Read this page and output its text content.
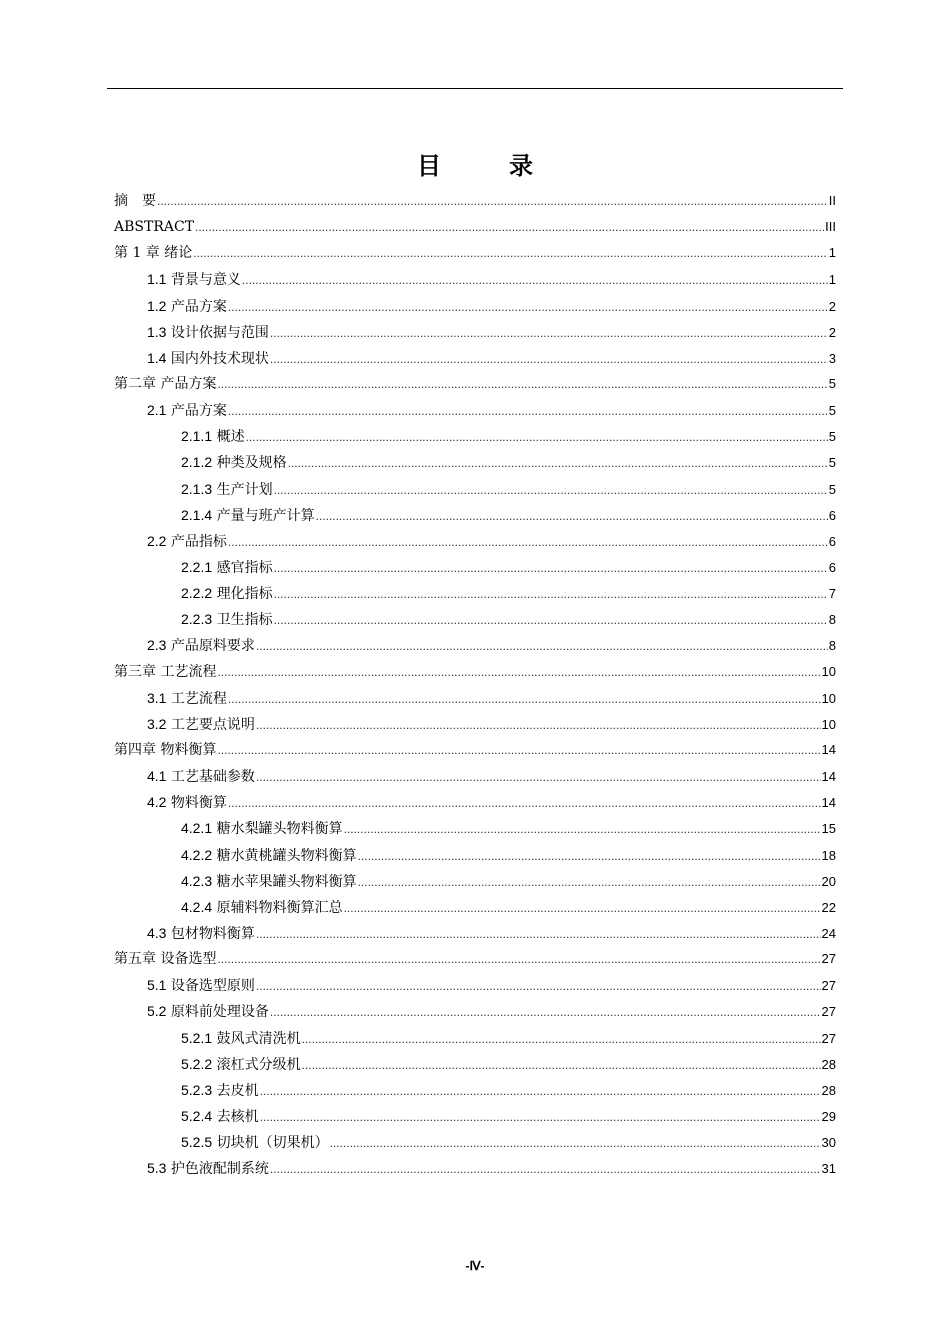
目　录
摘　要 .....	II
ABSTRACT .....	III
第 1 章 绪论 .....	1
1.1 背景与意义 .....	1
1.2 产品方案 .....	2
1.3 设计依据与范围 .....	2
1.4 国内外技术现状 .....	3
第二章 产品方案 .....	5
2.1 产品方案 .....	5
2.1.1 概述 .....	5
2.1.2 种类及规格 .....	5
2.1.3 生产计划 .....	5
2.1.4 产量与班产计算 .....	6
2.2 产品指标 .....	6
2.2.1 感官指标 .....	6
2.2.2 理化指标 .....	7
2.2.3 卫生指标 .....	8
2.3 产品原料要求 .....	8
第三章 工艺流程 .....	10
3.1 工艺流程 .....	10
3.2 工艺要点说明 .....	10
第四章 物料衡算 .....	14
4.1 工艺基础参数 .....	14
4.2 物料衡算 .....	14
4.2.1 糖水梨罐头物料衡算 .....	15
4.2.2 糖水黄桃罐头物料衡算 .....	18
4.2.3 糖水苹果罐头物料衡算 .....	20
4.2.4 原辅料物料衡算汇总 .....	22
4.3 包材物料衡算 .....	24
第五章 设备选型 .....	27
5.1 设备选型原则 .....	27
5.2 原料前处理设备 .....	27
5.2.1 鼓风式清洗机 .....	27
5.2.2 滚杠式分级机 .....	28
5.2.3 去皮机 .....	28
5.2.4 去核机 .....	29
5.2.5 切块机（切果机） .....	30
5.3 护色液配制系统 .....	31
-Ⅳ-
